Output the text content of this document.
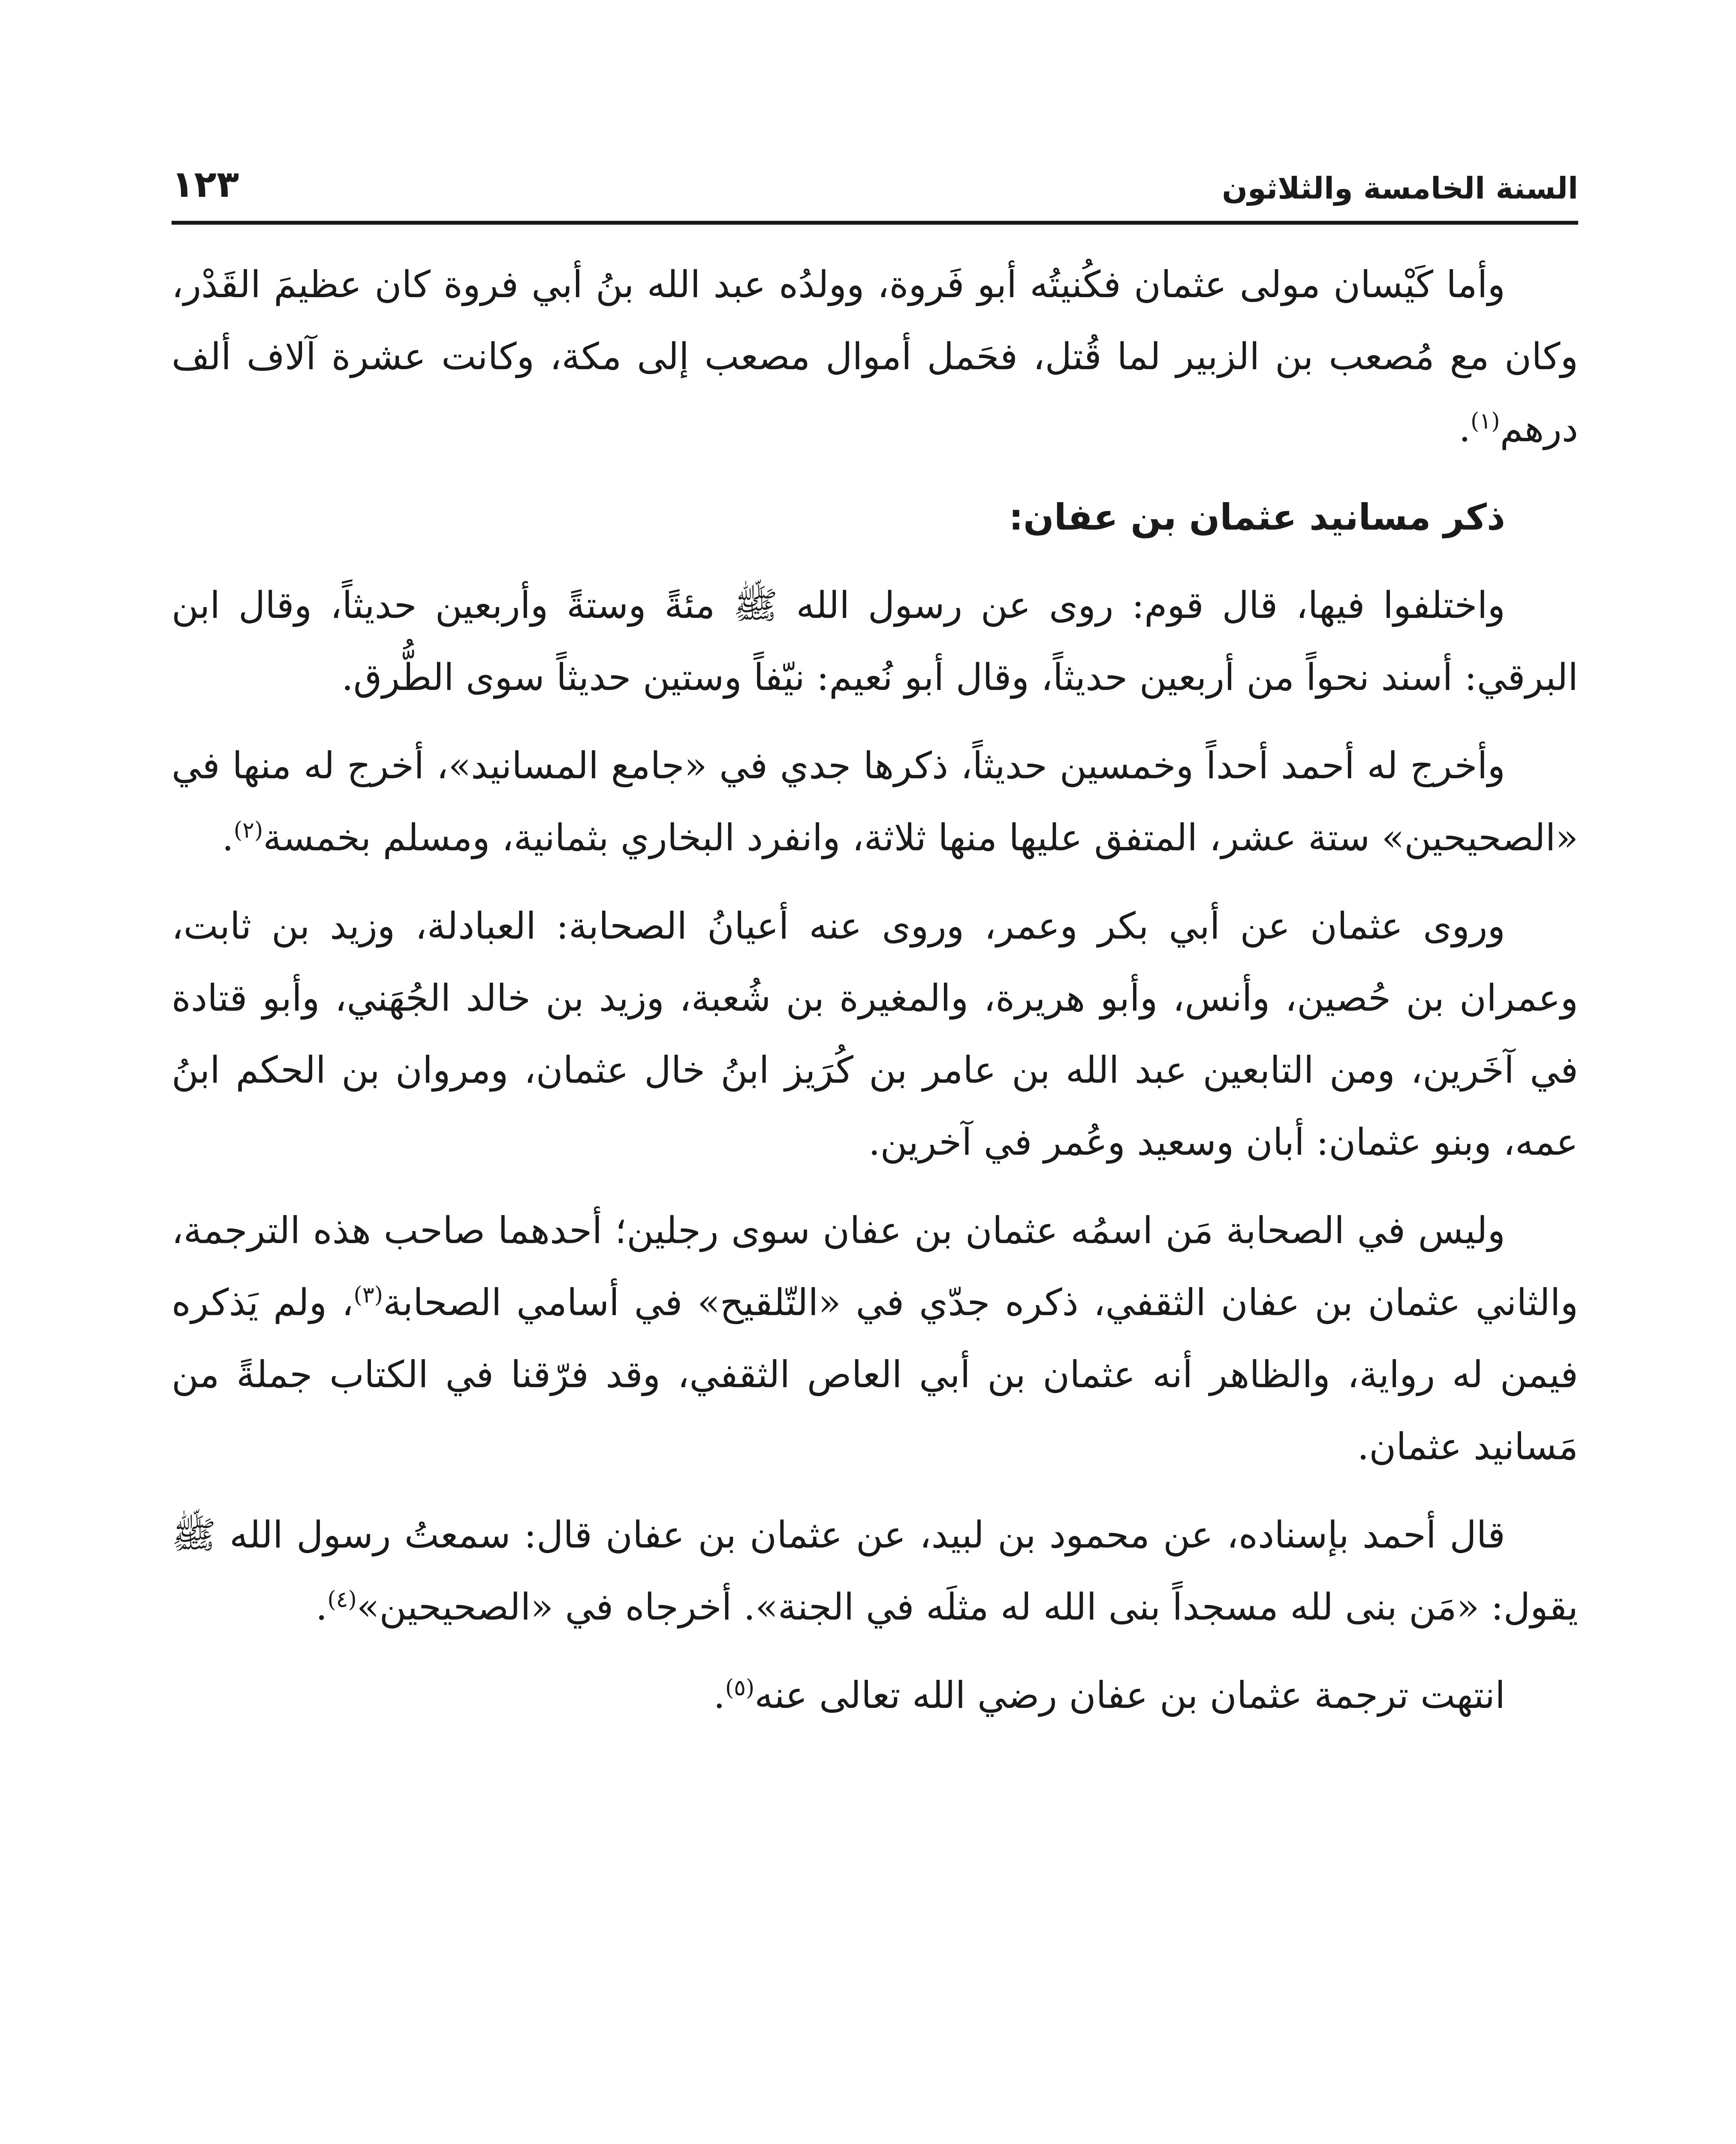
السنة الخامسة والثلاثون
١٢٣

وأما كَيْسان مولى عثمان فكُنيتُه أبو فَروة، وولدُه عبد الله بنُ أبي فروة كان عظيمَ القَدْر، وكان مع مُصعب بن الزبير لما قُتل، فحَمل أموال مصعب إلى مكة، وكانت عشرة آلاف ألف درهم$^{(١)}$.

ذكر مسانيد عثمان بن عفان:

واختلفوا فيها، قال قوم: روى عن رسول الله ﷺ مئةً وستةً وأربعين حديثاً، وقال ابن البرقي: أسند نحواً من أربعين حديثاً، وقال أبو نُعيم: نيّفاً وستين حديثاً سوى الطُّرق.

وأخرج له أحمد أحداً وخمسين حديثاً، ذكرها جدي في «جامع المسانيد»، أخرج له منها في «الصحيحين» ستة عشر، المتفق عليها منها ثلاثة، وانفرد البخاري بثمانية، ومسلم بخمسة$^{(٢)}$.

وروى عثمان عن أبي بكر وعمر، وروى عنه أعيانُ الصحابة: العبادلة، وزيد بن ثابت، وعمران بن حُصين، وأنس، وأبو هريرة، والمغيرة بن شُعبة، وزيد بن خالد الجُهَني، وأبو قتادة في آخَرين، ومن التابعين عبد الله بن عامر بن كُرَيز ابنُ خال عثمان، ومروان بن الحكم ابنُ عمه، وبنو عثمان: أبان وسعيد وعُمر في آخرين.

وليس في الصحابة مَن اسمُه عثمان بن عفان سوى رجلين؛ أحدهما صاحب هذه الترجمة، والثاني عثمان بن عفان الثقفي، ذكره جدّي في «التّلقيح» في أسامي الصحابة$^{(٣)}$، ولم يَذكره فيمن له رواية، والظاهر أنه عثمان بن أبي العاص الثقفي، وقد فرّقنا في الكتاب جملةً من مَسانيد عثمان.

قال أحمد بإسناده، عن محمود بن لبيد، عن عثمان بن عفان قال: سمعتُ رسول الله ﷺ يقول: «مَن بنى لله مسجداً بنى الله له مثلَه في الجنة». أخرجاه في «الصحيحين»$^{(٤)}$.

انتهت ترجمة عثمان بن عفان رضي الله تعالى عنه$^{(٥)}$.
